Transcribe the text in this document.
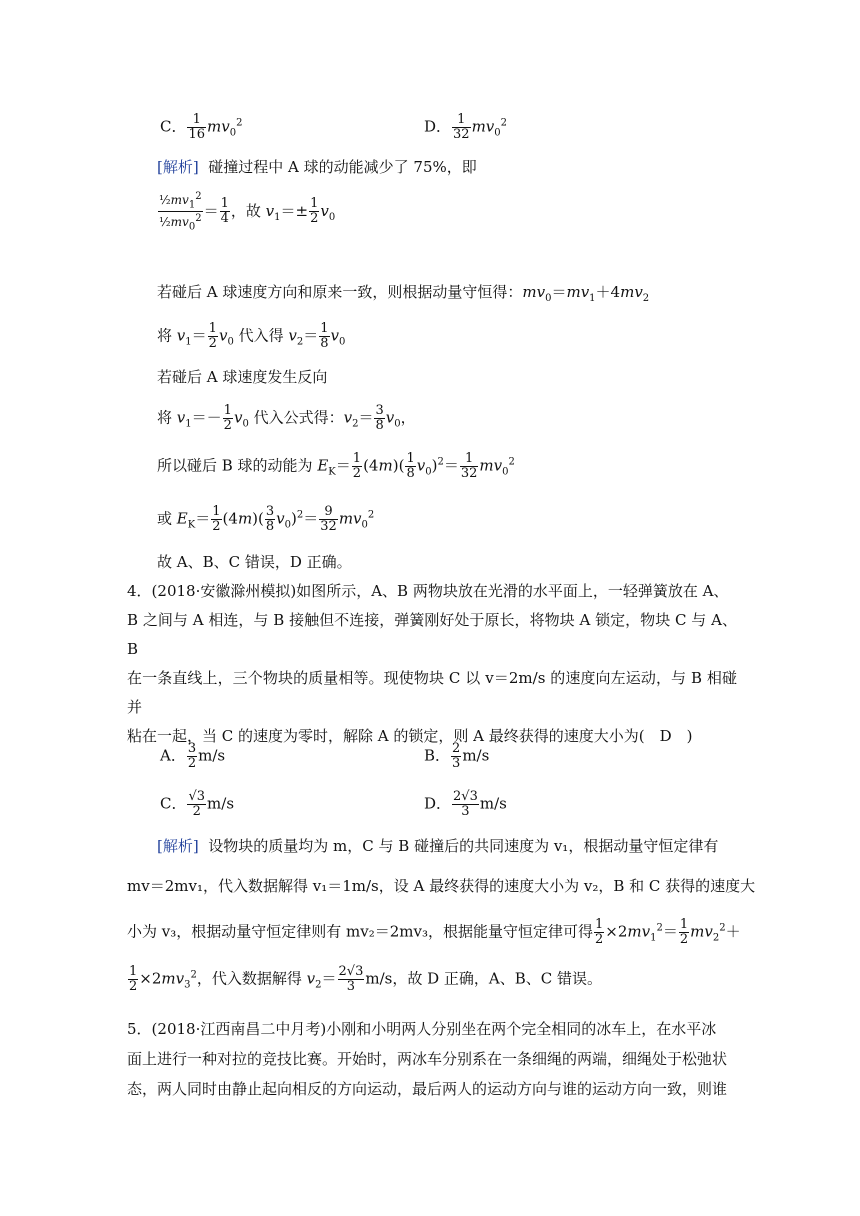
C． $\frac{1}{16} mv_0^2$	D． $\frac{1}{32} mv_0^2$
[解析] 碰撞过程中 A 球的动能减少了 75%，即
$\frac{\frac{1}{2}mv_1^2}{\frac{1}{2}mv_0^2} = \frac{1}{4}$ ，故 $v_1=\pm \frac{1}{2} v_0$
若碰后 A 球速度方向和原来一致，则根据动量守恒得：$mv_0=mv_1+4mv_2$
将 $v_1= \frac{1}{2} v_0$ 代入得 $v_2= \frac{1}{8} v_0$
若碰后 A 球速度发生反向
将 $v_1=- \frac{1}{2} v_0$ 代入公式得：$v_2= \frac{3}{8} v_0$，
所以碰后 B 球的动能为 $E_K= \frac{1}{2} (4m)( \frac{1}{8} v_0)^2= \frac{1}{32} mv_0^2$
或 $E_K= \frac{1}{2} (4m)( \frac{3}{8} v_0)^2= \frac{9}{32} mv_0^2$
故 A、B、C 错误，D 正确。
4．(2018·安徽滁州模拟)如图所示，A、B 两物块放在光滑的水平面上，一轻弹簧放在 A、
B 之间与 A 相连，与 B 接触但不连接，弹簧刚好处于原长，将物块 A 锁定，物块 C 与 A、B
在一条直线上，三个物块的质量相等。现使物块 C 以 v＝2m/s 的速度向左运动，与 B 相碰并
粘在一起，当 C 的速度为零时，解除 A 的锁定，则 A 最终获得的速度大小为(　D　)
A． $\frac{3}{2} m/s$	B． $\frac{2}{3} m/s$
C． $\frac{√3}{2} m/s$	D． $\frac{2√3}{3} m/s$
[解析] 设物块的质量均为 m，C 与 B 碰撞后的共同速度为 v₁，根据动量守恒定律有
mv＝2mv₁，代入数据解得 v₁＝1m/s，设 A 最终获得的速度大小为 v₂，B 和 C 获得的速度大
小为 v₃，根据动量守恒定律则有 mv₂＝2mv₃，根据能量守恒定律可得 $\frac{1}{2} \times 2mv_1^2= \frac{1}{2} mv_2^2+$
$\frac{1}{2} \times 2mv_3^2$，代入数据解得 $v_2= \frac{2√3}{3} m/s$，故 D 正确，A、B、C 错误。
5．(2018·江西南昌二中月考)小刚和小明两人分别坐在两个完全相同的冰车上，在水平冰
面上进行一种对拉的竞技比赛。开始时，两冰车分别系在一条细绳的两端，细绳处于松弛状
态，两人同时由静止起向相反的方向运动，最后两人的运动方向与谁的运动方向一致，则谁
